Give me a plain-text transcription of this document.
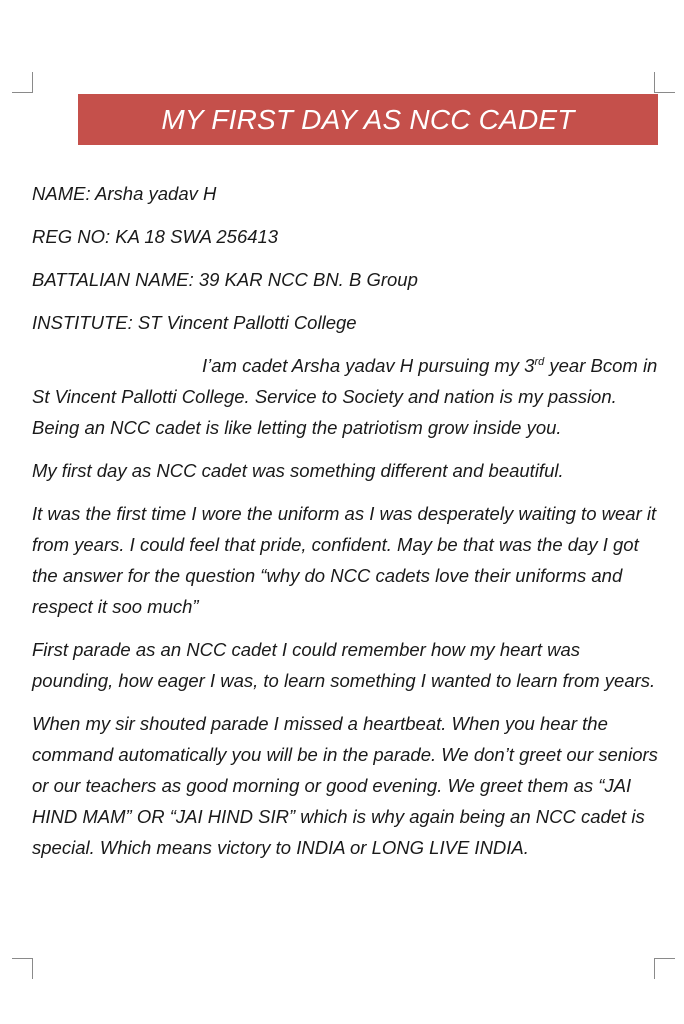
MY FIRST DAY AS NCC CADET

NAME: Arsha yadav H

REG NO: KA 18 SWA 256413

BATTALIAN NAME: 39 KAR NCC BN. B Group

INSTITUTE: ST Vincent Pallotti College

I’am cadet Arsha yadav H pursuing my 3rd year Bcom in St Vincent Pallotti College. Service to Society and nation is my passion. Being an NCC cadet is like letting the patriotism grow inside you.

My first day as NCC cadet was something different and beautiful.

It was the first time I wore the uniform as I was desperately waiting to wear it from years. I could feel that pride, confident. May be that was the day I got the answer for the question “why do NCC cadets love their uniforms and respect it soo much”

First parade as an NCC cadet I could remember how my heart was pounding, how eager I was, to learn something I wanted to learn from years.

When my sir shouted parade I missed a heartbeat. When you hear the command automatically you will be in the parade. We don’t greet our seniors or our teachers as good morning or good evening. We greet them as “JAI HIND MAM” OR “JAI HIND SIR” which is why again being an NCC cadet is special. Which means victory to INDIA or LONG LIVE INDIA.
